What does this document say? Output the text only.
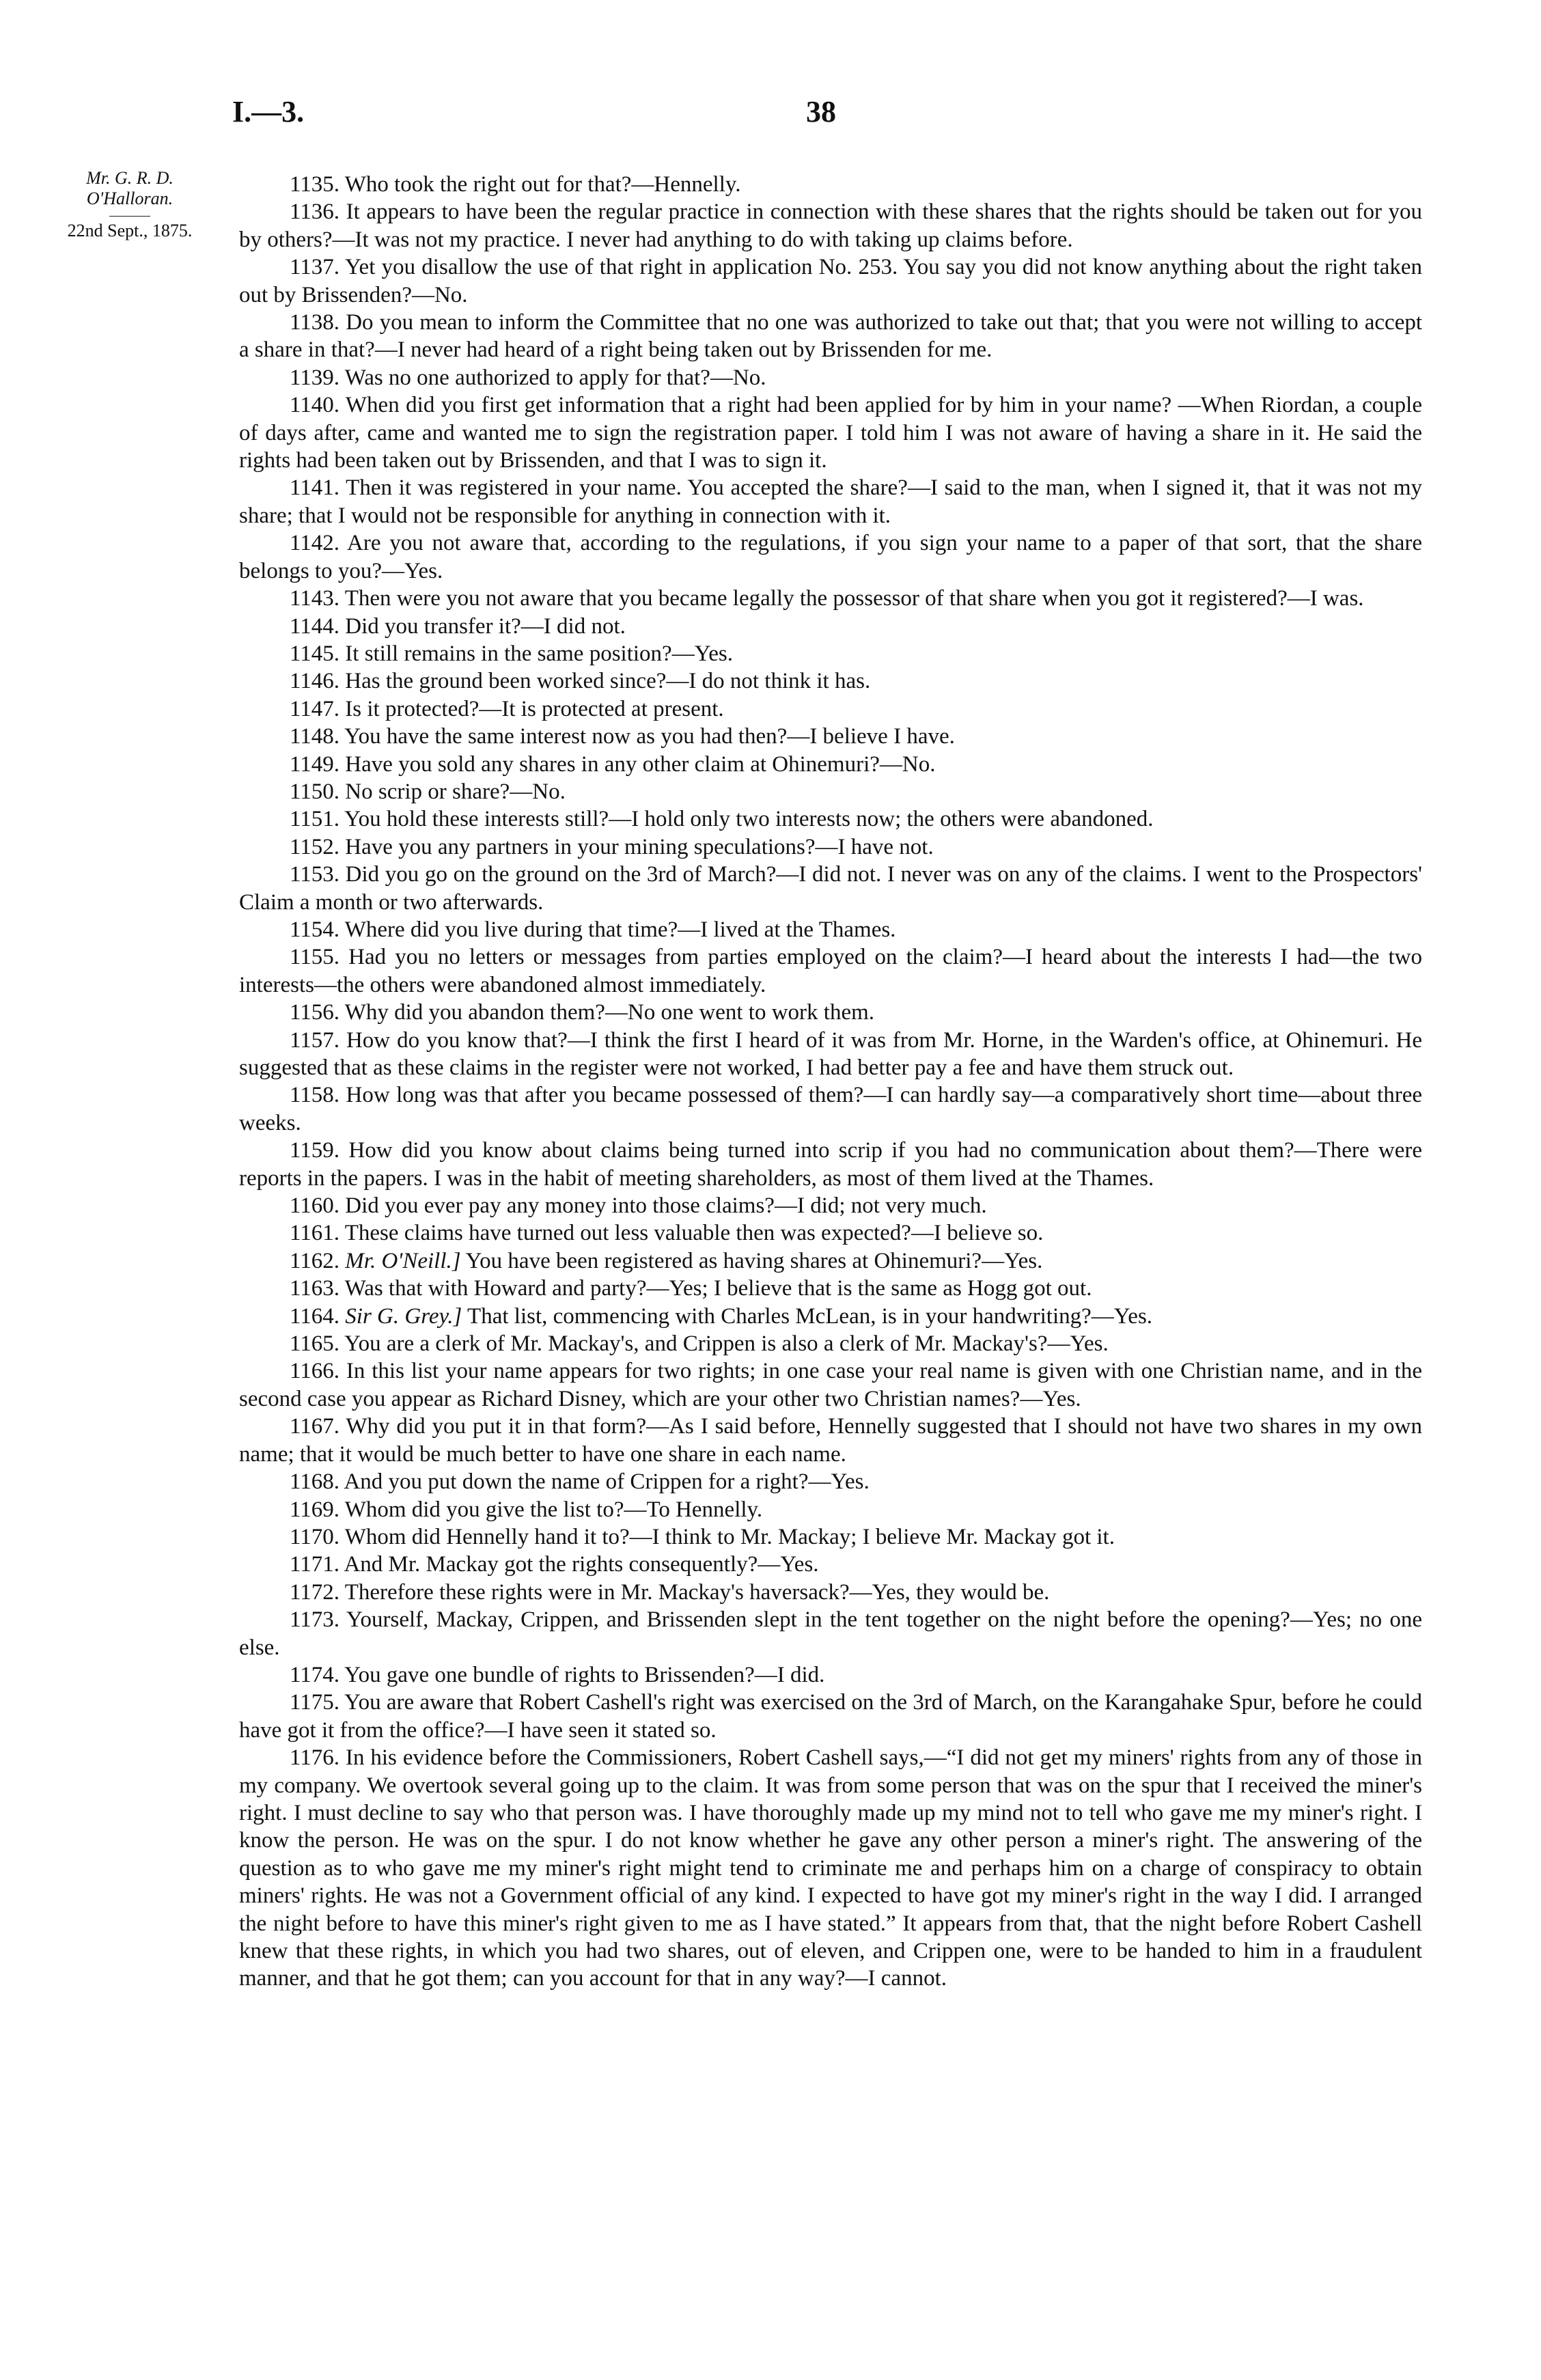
I.—3.	38
Mr. G. R. D.
O'Halloran.
22nd Sept., 1875.

1135. Who took the right out for that?—Hennelly.

1136. It appears to have been the regular practice in connection with these shares that the rights should be taken out for you by others?—It was not my practice. I never had anything to do with taking up claims before.

1137. Yet you disallow the use of that right in application No. 253. You say you did not know anything about the right taken out by Brissenden?—No.

1138. Do you mean to inform the Committee that no one was authorized to take out that; that you were not willing to accept a share in that?—I never had heard of a right being taken out by Brissenden for me.

1139. Was no one authorized to apply for that?—No.

1140. When did you first get information that a right had been applied for by him in your name? —When Riordan, a couple of days after, came and wanted me to sign the registration paper. I told him I was not aware of having a share in it. He said the rights had been taken out by Brissenden, and that I was to sign it.

1141. Then it was registered in your name. You accepted the share?—I said to the man, when I signed it, that it was not my share; that I would not be responsible for anything in connection with it.

1142. Are you not aware that, according to the regulations, if you sign your name to a paper of that sort, that the share belongs to you?—Yes.

1143. Then were you not aware that you became legally the possessor of that share when you got it registered?—I was.

1144. Did you transfer it?—I did not.

1145. It still remains in the same position?—Yes.

1146. Has the ground been worked since?—I do not think it has.

1147. Is it protected?—It is protected at present.

1148. You have the same interest now as you had then?—I believe I have.

1149. Have you sold any shares in any other claim at Ohinemuri?—No.

1150. No scrip or share?—No.

1151. You hold these interests still?—I hold only two interests now; the others were abandoned.

1152. Have you any partners in your mining speculations?—I have not.

1153. Did you go on the ground on the 3rd of March?—I did not. I never was on any of the claims. I went to the Prospectors' Claim a month or two afterwards.

1154. Where did you live during that time?—I lived at the Thames.

1155. Had you no letters or messages from parties employed on the claim?—I heard about the interests I had—the two interests—the others were abandoned almost immediately.

1156. Why did you abandon them?—No one went to work them.

1157. How do you know that?—I think the first I heard of it was from Mr. Horne, in the Warden's office, at Ohinemuri. He suggested that as these claims in the register were not worked, I had better pay a fee and have them struck out.

1158. How long was that after you became possessed of them?—I can hardly say—a comparatively short time—about three weeks.

1159. How did you know about claims being turned into scrip if you had no communication about them?—There were reports in the papers. I was in the habit of meeting shareholders, as most of them lived at the Thames.

1160. Did you ever pay any money into those claims?—I did; not very much.

1161. These claims have turned out less valuable then was expected?—I believe so.

1162. Mr. O'Neill.] You have been registered as having shares at Ohinemuri?—Yes.

1163. Was that with Howard and party?—Yes; I believe that is the same as Hogg got out.

1164. Sir G. Grey.] That list, commencing with Charles McLean, is in your handwriting?—Yes.

1165. You are a clerk of Mr. Mackay's, and Crippen is also a clerk of Mr. Mackay's?—Yes.

1166. In this list your name appears for two rights; in one case your real name is given with one Christian name, and in the second case you appear as Richard Disney, which are your other two Christian names?—Yes.

1167. Why did you put it in that form?—As I said before, Hennelly suggested that I should not have two shares in my own name; that it would be much better to have one share in each name.

1168. And you put down the name of Crippen for a right?—Yes.

1169. Whom did you give the list to?—To Hennelly.

1170. Whom did Hennelly hand it to?—I think to Mr. Mackay; I believe Mr. Mackay got it.

1171. And Mr. Mackay got the rights consequently?—Yes.

1172. Therefore these rights were in Mr. Mackay's haversack?—Yes, they would be.

1173. Yourself, Mackay, Crippen, and Brissenden slept in the tent together on the night before the opening?—Yes; no one else.

1174. You gave one bundle of rights to Brissenden?—I did.

1175. You are aware that Robert Cashell's right was exercised on the 3rd of March, on the Karangahake Spur, before he could have got it from the office?—I have seen it stated so.

1176. In his evidence before the Commissioners, Robert Cashell says,—“I did not get my miners' rights from any of those in my company. We overtook several going up to the claim. It was from some person that was on the spur that I received the miner's right. I must decline to say who that person was. I have thoroughly made up my mind not to tell who gave me my miner's right. I know the person. He was on the spur. I do not know whether he gave any other person a miner's right. The answering of the question as to who gave me my miner's right might tend to criminate me and perhaps him on a charge of conspiracy to obtain miners' rights. He was not a Government official of any kind. I expected to have got my miner's right in the way I did. I arranged the night before to have this miner's right given to me as I have stated.” It appears from that, that the night before Robert Cashell knew that these rights, in which you had two shares, out of eleven, and Crippen one, were to be handed to him in a fraudulent manner, and that he got them; can you account for that in any way?—I cannot.
